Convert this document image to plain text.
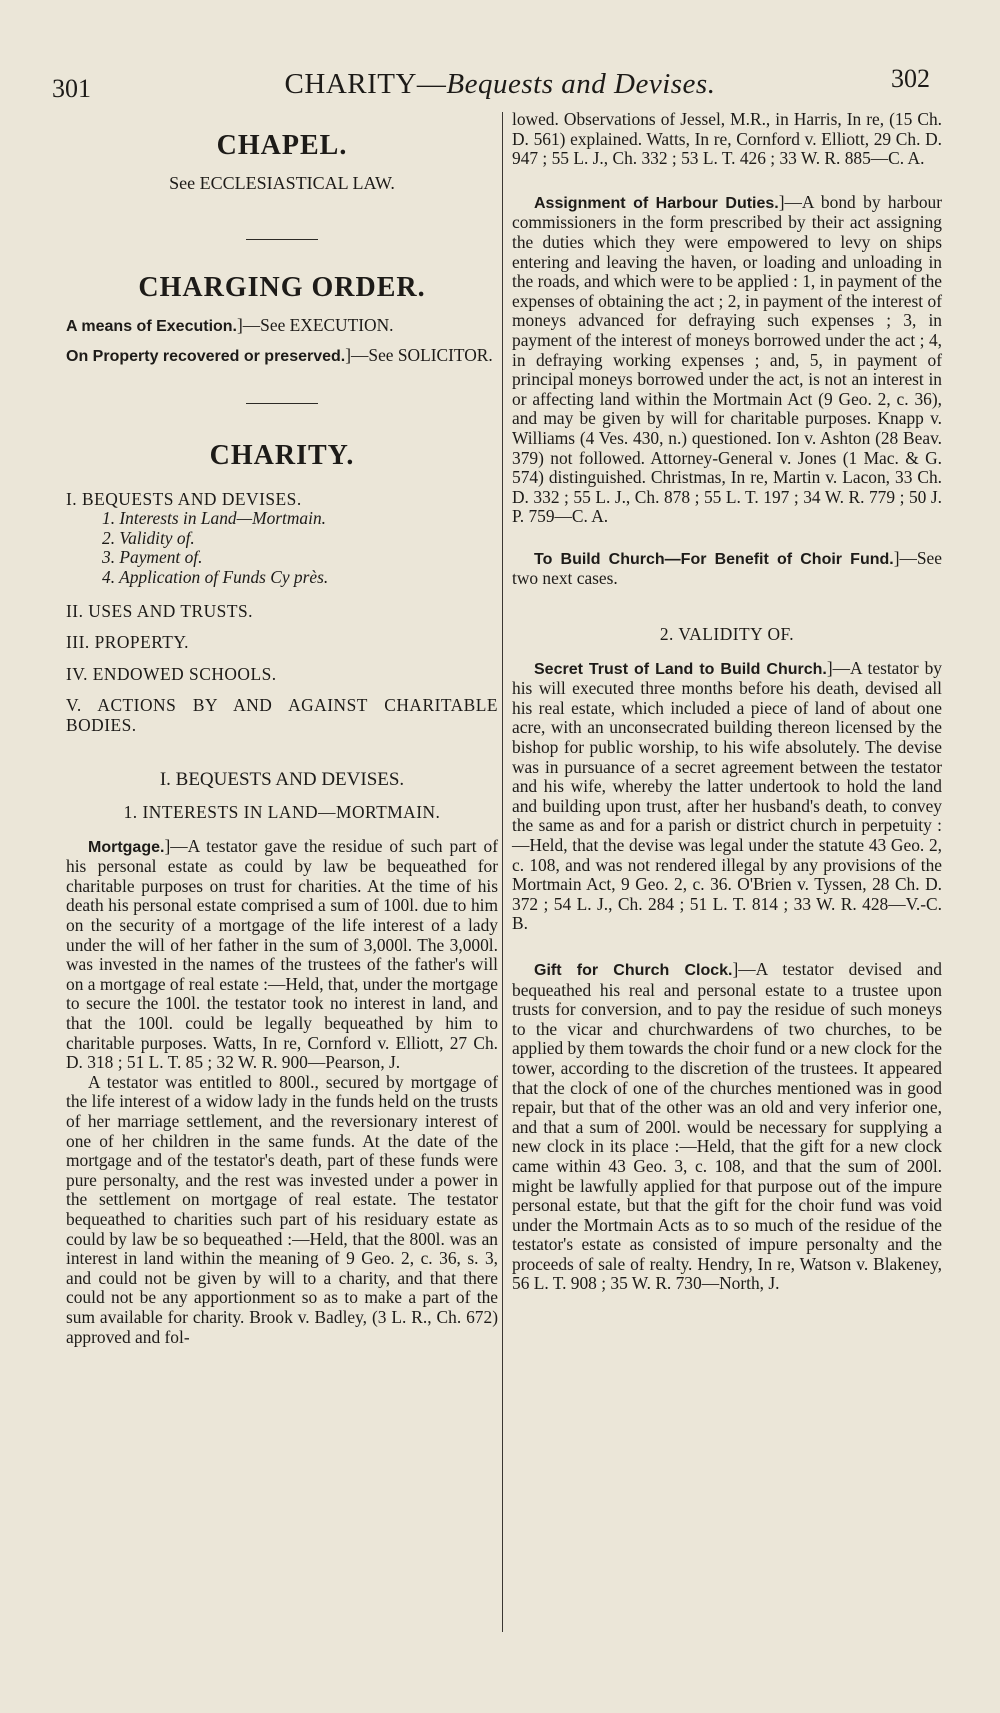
301	CHARITY—Bequests and Devises.	302

CHAPEL.

See ECCLESIASTICAL LAW.

CHARGING ORDER.

A means of Execution.]—See EXECUTION.

On Property recovered or preserved.]—See SOLICITOR.

CHARITY.

I. BEQUESTS AND DEVISES.
1. Interests in Land—Mortmain.
2. Validity of.
3. Payment of.
4. Application of Funds Cy près.
II. USES AND TRUSTS.
III. PROPERTY.
IV. ENDOWED SCHOOLS.
V. ACTIONS BY AND AGAINST CHARITABLE BODIES.

I. BEQUESTS AND DEVISES.

1. INTERESTS IN LAND—MORTMAIN.

Mortgage.]—A testator gave the residue of such part of his personal estate as could by law be bequeathed for charitable purposes on trust for charities. At the time of his death his personal estate comprised a sum of 100l. due to him on the security of a mortgage of the life interest of a lady under the will of her father in the sum of 3,000l. The 3,000l. was invested in the names of the trustees of the father's will on a mortgage of real estate :—Held, that, under the mortgage to secure the 100l. the testator took no interest in land, and that the 100l. could be legally bequeathed by him to charitable purposes. Watts, In re, Cornford v. Elliott, 27 Ch. D. 318 ; 51 L. T. 85 ; 32 W. R. 900—Pearson, J.

A testator was entitled to 800l., secured by mortgage of the life interest of a widow lady in the funds held on the trusts of her marriage settlement, and the reversionary interest of one of her children in the same funds. At the date of the mortgage and of the testator's death, part of these funds were pure personalty, and the rest was invested under a power in the settlement on mortgage of real estate. The testator bequeathed to charities such part of his residuary estate as could by law be so bequeathed :—Held, that the 800l. was an interest in land within the meaning of 9 Geo. 2, c. 36, s. 3, and could not be given by will to a charity, and that there could not be any apportionment so as to make a part of the sum available for charity. Brook v. Badley, (3 L. R., Ch. 672) approved and fol-

lowed. Observations of Jessel, M.R., in Harris, In re, (15 Ch. D. 561) explained. Watts, In re, Cornford v. Elliott, 29 Ch. D. 947 ; 55 L. J., Ch. 332 ; 53 L. T. 426 ; 33 W. R. 885—C. A.

Assignment of Harbour Duties.]—A bond by harbour commissioners in the form prescribed by their act assigning the duties which they were empowered to levy on ships entering and leaving the haven, or loading and unloading in the roads, and which were to be applied : 1, in payment of the expenses of obtaining the act ; 2, in payment of the interest of moneys advanced for defraying such expenses ; 3, in payment of the interest of moneys borrowed under the act ; 4, in defraying working expenses ; and, 5, in payment of principal moneys borrowed under the act, is not an interest in or affecting land within the Mortmain Act (9 Geo. 2, c. 36), and may be given by will for charitable purposes. Knapp v. Williams (4 Ves. 430, n.) questioned. Ion v. Ashton (28 Beav. 379) not followed. Attorney-General v. Jones (1 Mac. & G. 574) distinguished. Christmas, In re, Martin v. Lacon, 33 Ch. D. 332 ; 55 L. J., Ch. 878 ; 55 L. T. 197 ; 34 W. R. 779 ; 50 J. P. 759—C. A.

To Build Church—For Benefit of Choir Fund.]—See two next cases.

2. VALIDITY OF.

Secret Trust of Land to Build Church.]—A testator by his will executed three months before his death, devised all his real estate, which included a piece of land of about one acre, with an unconsecrated building thereon licensed by the bishop for public worship, to his wife absolutely. The devise was in pursuance of a secret agreement between the testator and his wife, whereby the latter undertook to hold the land and building upon trust, after her husband's death, to convey the same as and for a parish or district church in perpetuity :—Held, that the devise was legal under the statute 43 Geo. 2, c. 108, and was not rendered illegal by any provisions of the Mortmain Act, 9 Geo. 2, c. 36. O'Brien v. Tyssen, 28 Ch. D. 372 ; 54 L. J., Ch. 284 ; 51 L. T. 814 ; 33 W. R. 428—V.-C. B.

Gift for Church Clock.]—A testator devised and bequeathed his real and personal estate to a trustee upon trusts for conversion, and to pay the residue of such moneys to the vicar and churchwardens of two churches, to be applied by them towards the choir fund or a new clock for the tower, according to the discretion of the trustees. It appeared that the clock of one of the churches mentioned was in good repair, but that of the other was an old and very inferior one, and that a sum of 200l. would be necessary for supplying a new clock in its place :—Held, that the gift for a new clock came within 43 Geo. 3, c. 108, and that the sum of 200l. might be lawfully applied for that purpose out of the impure personal estate, but that the gift for the choir fund was void under the Mortmain Acts as to so much of the residue of the testator's estate as consisted of impure personalty and the proceeds of sale of realty. Hendry, In re, Watson v. Blakeney, 56 L. T. 908 ; 35 W. R. 730—North, J.
